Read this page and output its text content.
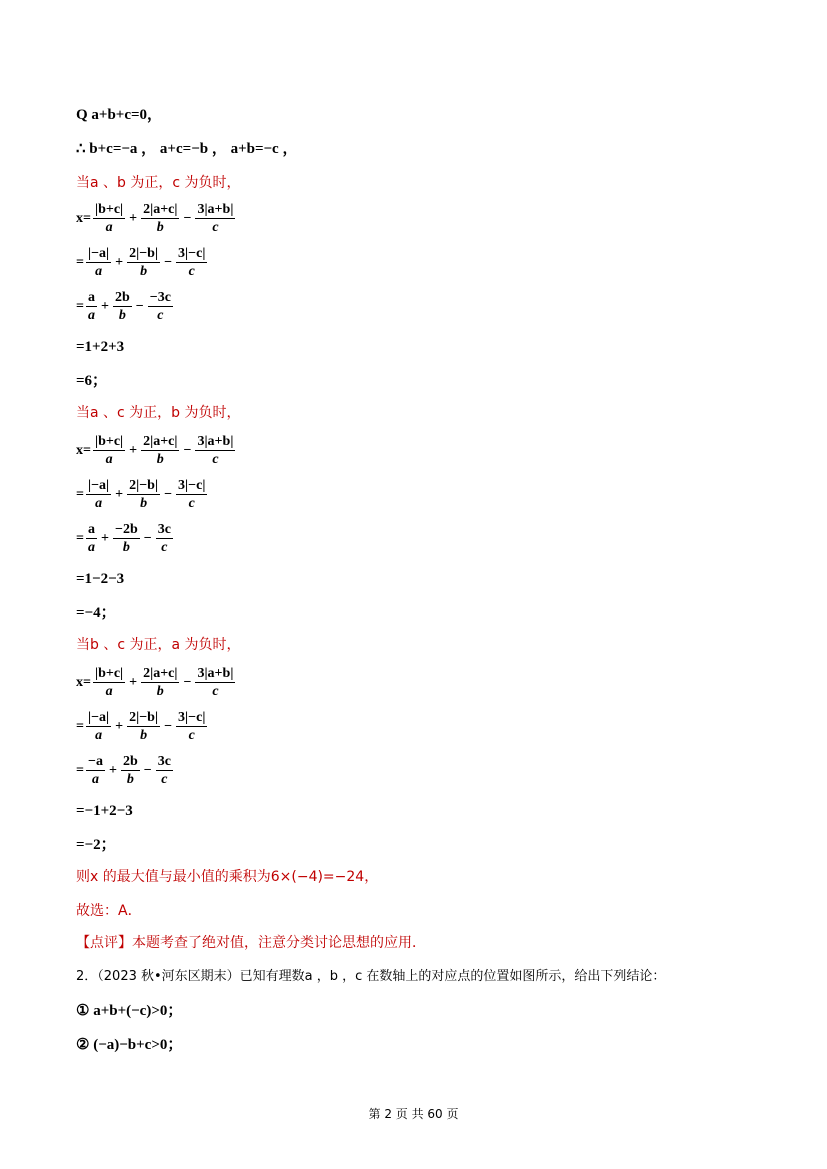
Q a+b+c=0，
∴ b+c=−a ， a+c=−b ， a+b=−c ，
当a 、b 为正，c 为负时，
$x= \frac{|b+c|}{a} + \frac{2|a+c|}{b} - \frac{3|a+b|}{c}$
= $\frac{|-a|}{a} + \frac{2|-b|}{b} - \frac{3|-c|}{c}$
= $\frac{a}{a} + \frac{2b}{b} - \frac{-3c}{c}$
=1+2+3
=6；
当a 、c 为正，b 为负时，
$x= \frac{|b+c|}{a} + \frac{2|a+c|}{b} - \frac{3|a+b|}{c}$
= $\frac{|-a|}{a} + \frac{2|-b|}{b} - \frac{3|-c|}{c}$
= $\frac{a}{a} + \frac{-2b}{b} - \frac{3c}{c}$
=1−2−3
=−4；
当b 、c 为正，a 为负时，
$x= \frac{|b+c|}{a} + \frac{2|a+c|}{b} - \frac{3|a+b|}{c}$
= $\frac{|-a|}{a} + \frac{2|-b|}{b} - \frac{3|-c|}{c}$
= $\frac{-a}{a} + \frac{2b}{b} - \frac{3c}{c}$
=−1+2−3
=−2；
则x 的最大值与最小值的乘积为6×(−4)=−24，
故选：A．
【点评】本题考查了绝对值，注意分类讨论思想的应用．
2．（2023 秋•河东区期末）已知有理数a ，b ，c 在数轴上的对应点的位置如图所示，给出下列结论：
① a+b+(−c)>0；
② (−a)−b+c>0；
第 2 页 共 60 页
